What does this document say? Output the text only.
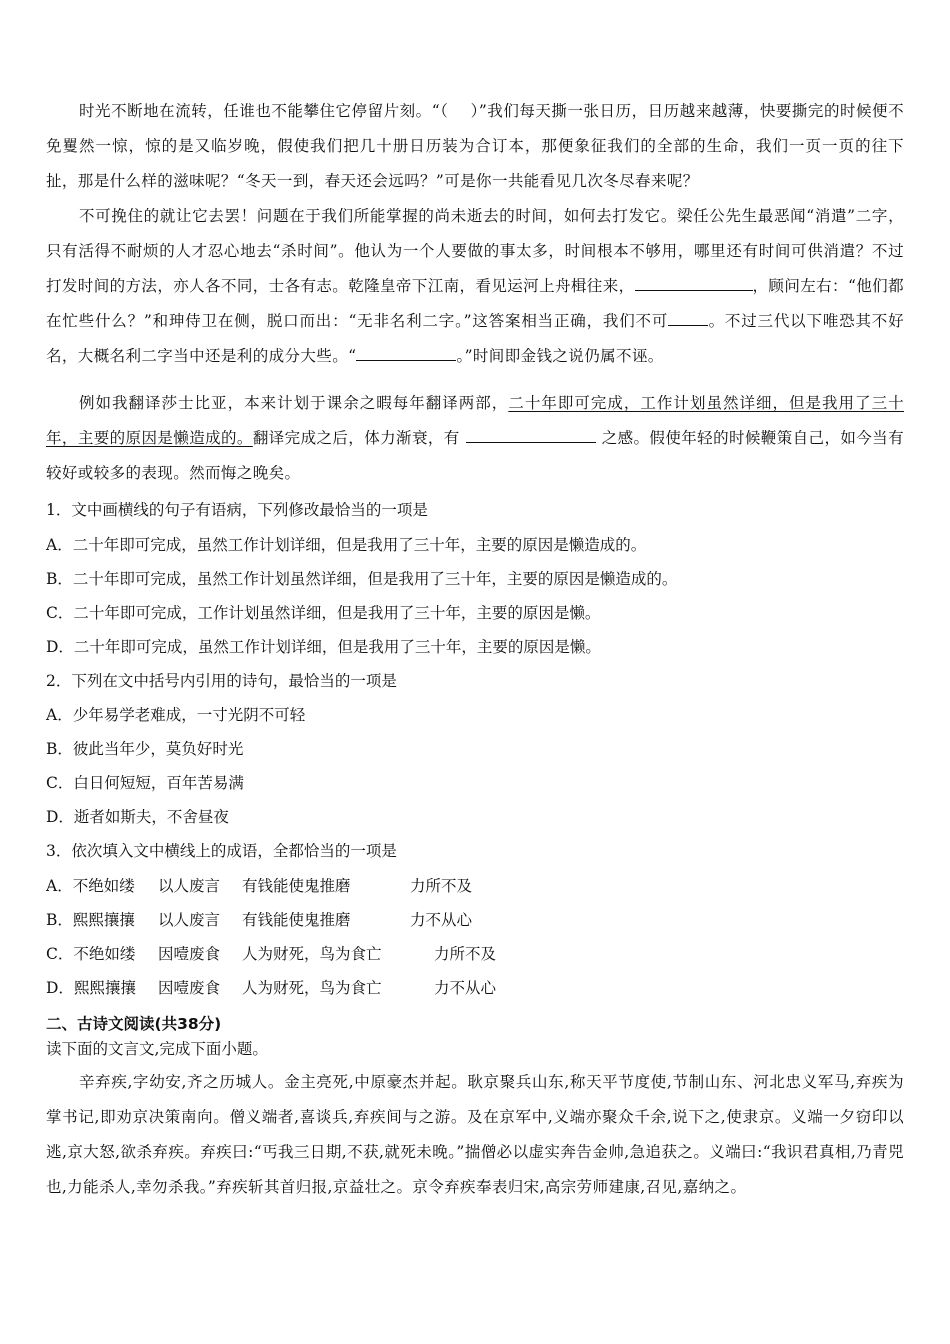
时光不断地在流转，任谁也不能攀住它停留片刻。“（ ）”我们每天撕一张日历，日历越来越薄，快要撕完的时候便不免矍然一惊，惊的是又临岁晚，假使我们把几十册日历装为合订本，那便象征我们的全部的生命，我们一页一页的往下扯，那是什么样的滋味呢？“冬天一到，春天还会远吗？”可是你一共能看见几次冬尽春来呢？
不可挽住的就让它去罢！问题在于我们所能掌握的尚未逝去的时间，如何去打发它。梁任公先生最恶闻“消遣”二字，只有活得不耐烦的人才忍心地去“杀时间”。他认为一个人要做的事太多，时间根本不够用，哪里还有时间可供消遣？不过打发时间的方法，亦人各不同，士各有志。乾隆皇帝下江南，看见运河上舟楫往来，	，顾问左右：“他们都在忙些什么？”和珅侍卫在侧，脱口而出：“无非名利二字。”这答案相当正确，我们不可	。不过三代以下唯恐其不好名，大概名利二字当中还是利的成分大些。“	。”时间即金钱之说仍属不诬。
例如我翻译莎士比亚，本来计划于课余之暇每年翻译两部，二十年即可完成，工作计划虽然详细，但是我用了三十年，主要的原因是懒造成的。翻译完成之后，体力渐衰，有	之感。假使年轻的时候鞭策自己，如今当有较好或较多的表现。然而悔之晚矣。
1．文中画横线的句子有语病，下列修改最恰当的一项是
A．二十年即可完成，虽然工作计划详细，但是我用了三十年，主要的原因是懒造成的。
B．二十年即可完成，虽然工作计划虽然详细，但是我用了三十年，主要的原因是懒造成的。
C．二十年即可完成，工作计划虽然详细，但是我用了三十年，主要的原因是懒。
D．二十年即可完成，虽然工作计划详细，但是我用了三十年，主要的原因是懒。
2．下列在文中括号内引用的诗句，最恰当的一项是
A．少年易学老难成，一寸光阴不可轻
B．彼此当年少，莫负好时光
C．白日何短短，百年苦易满
D．逝者如斯夫，不舍昼夜
3．依次填入文中横线上的成语，全都恰当的一项是
A．不绝如缕 以人废言 有钱能使鬼推磨	力所不及
B．熙熙攘攘 以人废言 有钱能使鬼推磨	力不从心
C．不绝如缕 因噎废食 人为财死，鸟为食亡	力所不及
D．熙熙攘攘 因噎废食 人为财死，鸟为食亡	力不从心
二、古诗文阅读(共38分)
读下面的文言文,完成下面小题。
辛弃疾,字幼安,齐之历城人。金主亮死,中原豪杰并起。耿京聚兵山东,称天平节度使,节制山东、河北忠义军马,弃疾为掌书记,即劝京决策南向。僧义端者,喜谈兵,弃疾间与之游。及在京军中,义端亦聚众千余,说下之,使隶京。义端一夕窃印以逃,京大怒,欲杀弃疾。弃疾曰:“丐我三日期,不获,就死未晚。”揣僧必以虚实奔告金帅,急追获之。义端曰:“我识君真相,乃青兕也,力能杀人,幸勿杀我。”弃疾斩其首归报,京益壮之。京令弃疾奉表归宋,高宗劳师建康,召见,嘉纳之。
